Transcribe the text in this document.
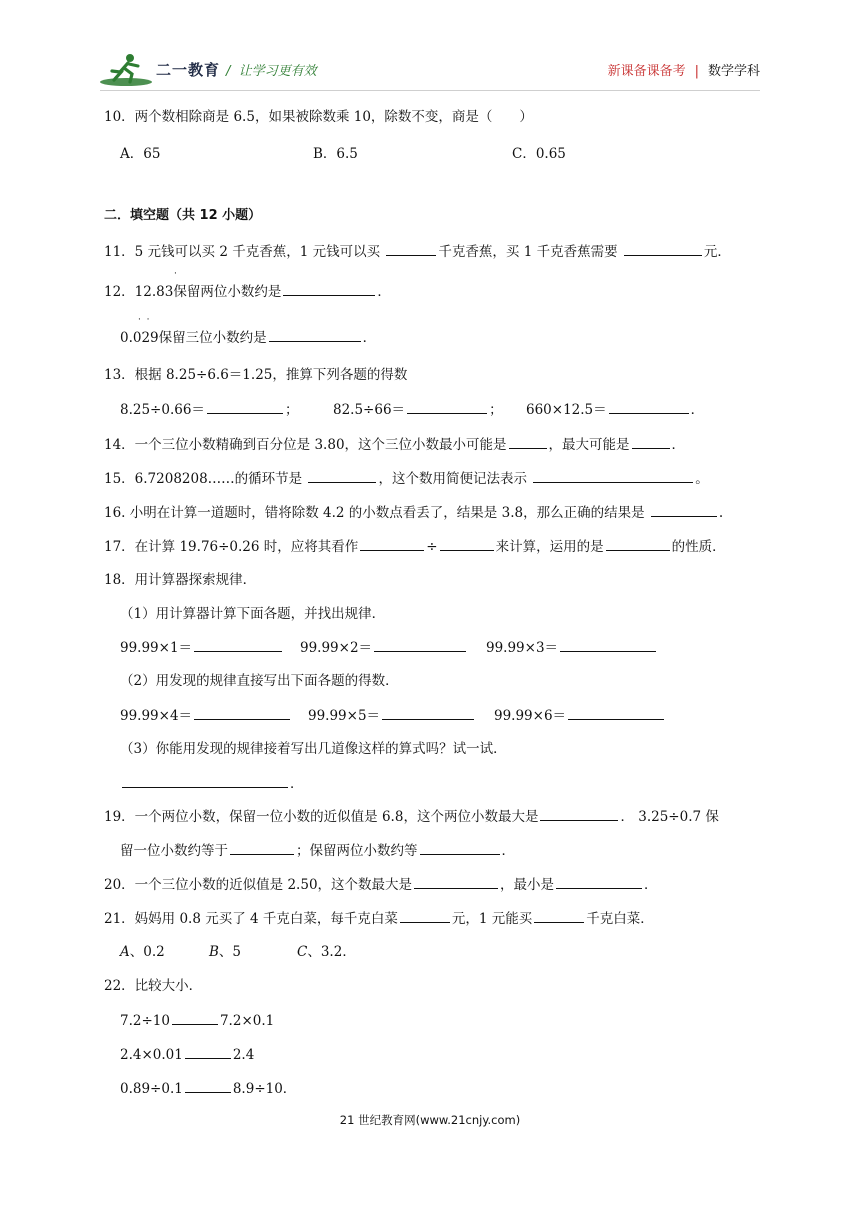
二一教育 /  让学习更有效	新课备课备考 | 数学学科
10．两个数相除商是 6.5，如果被除数乘 10，除数不变，商是（　　）
A．65	B．6.5	C．0.65
二．填空题（共 12 小题）
11．5 元钱可以买 2 千克香蕉，1 元钱可以买	千克香蕉，买 1 千克香蕉需要	元．
·
12．12.83保留两位小数约是	．
·  ·
0.029保留三位小数约是	．
13．根据 8.25÷6.6＝1.25，推算下列各题的得数
8.25÷0.66＝	；	82.5÷66＝	； 660×12.5＝	．
14．一个三位小数精确到百分位是 3.80，这个三位小数最小可能是	，最大可能是	．
15．6.7208208……的循环节是	，这个数用简便记法表示	。
16. 小明在计算一道题时，错将除数 4.2 的小数点看丢了，结果是 3.8，那么正确的结果是	.
17．在计算 19.76÷0.26 时，应将其看作	÷	来计算，运用的是	的性质．
18．用计算器探索规律．
（1）用计算器计算下面各题，并找出规律．
99.99×1＝	99.99×2＝	99.99×3＝
（2）用发现的规律直接写出下面各题的得数．
99.99×4＝	99.99×5＝	99.99×6＝
（3）你能用发现的规律接着写出几道像这样的算式吗？试一试．
．
19．一个两位小数，保留一位小数的近似值是 6.8，这个两位小数最大是	． 3.25÷0.7 保
留一位小数约等于	；保留两位小数约等	．
20．一个三位小数的近似值是 2.50，这个数最大是	，最小是	．
21．妈妈用 0.8 元买了 4 千克白菜，每千克白菜	元，1 元能买	千克白菜．
A、0.2	B、5	C、3.2．
22．比较大小．
7.2÷10	7.2×0.1
2.4×0.01	2.4
0.89÷0.1	8.9÷10．
21 世纪教育网(www.21cnjy.com)
